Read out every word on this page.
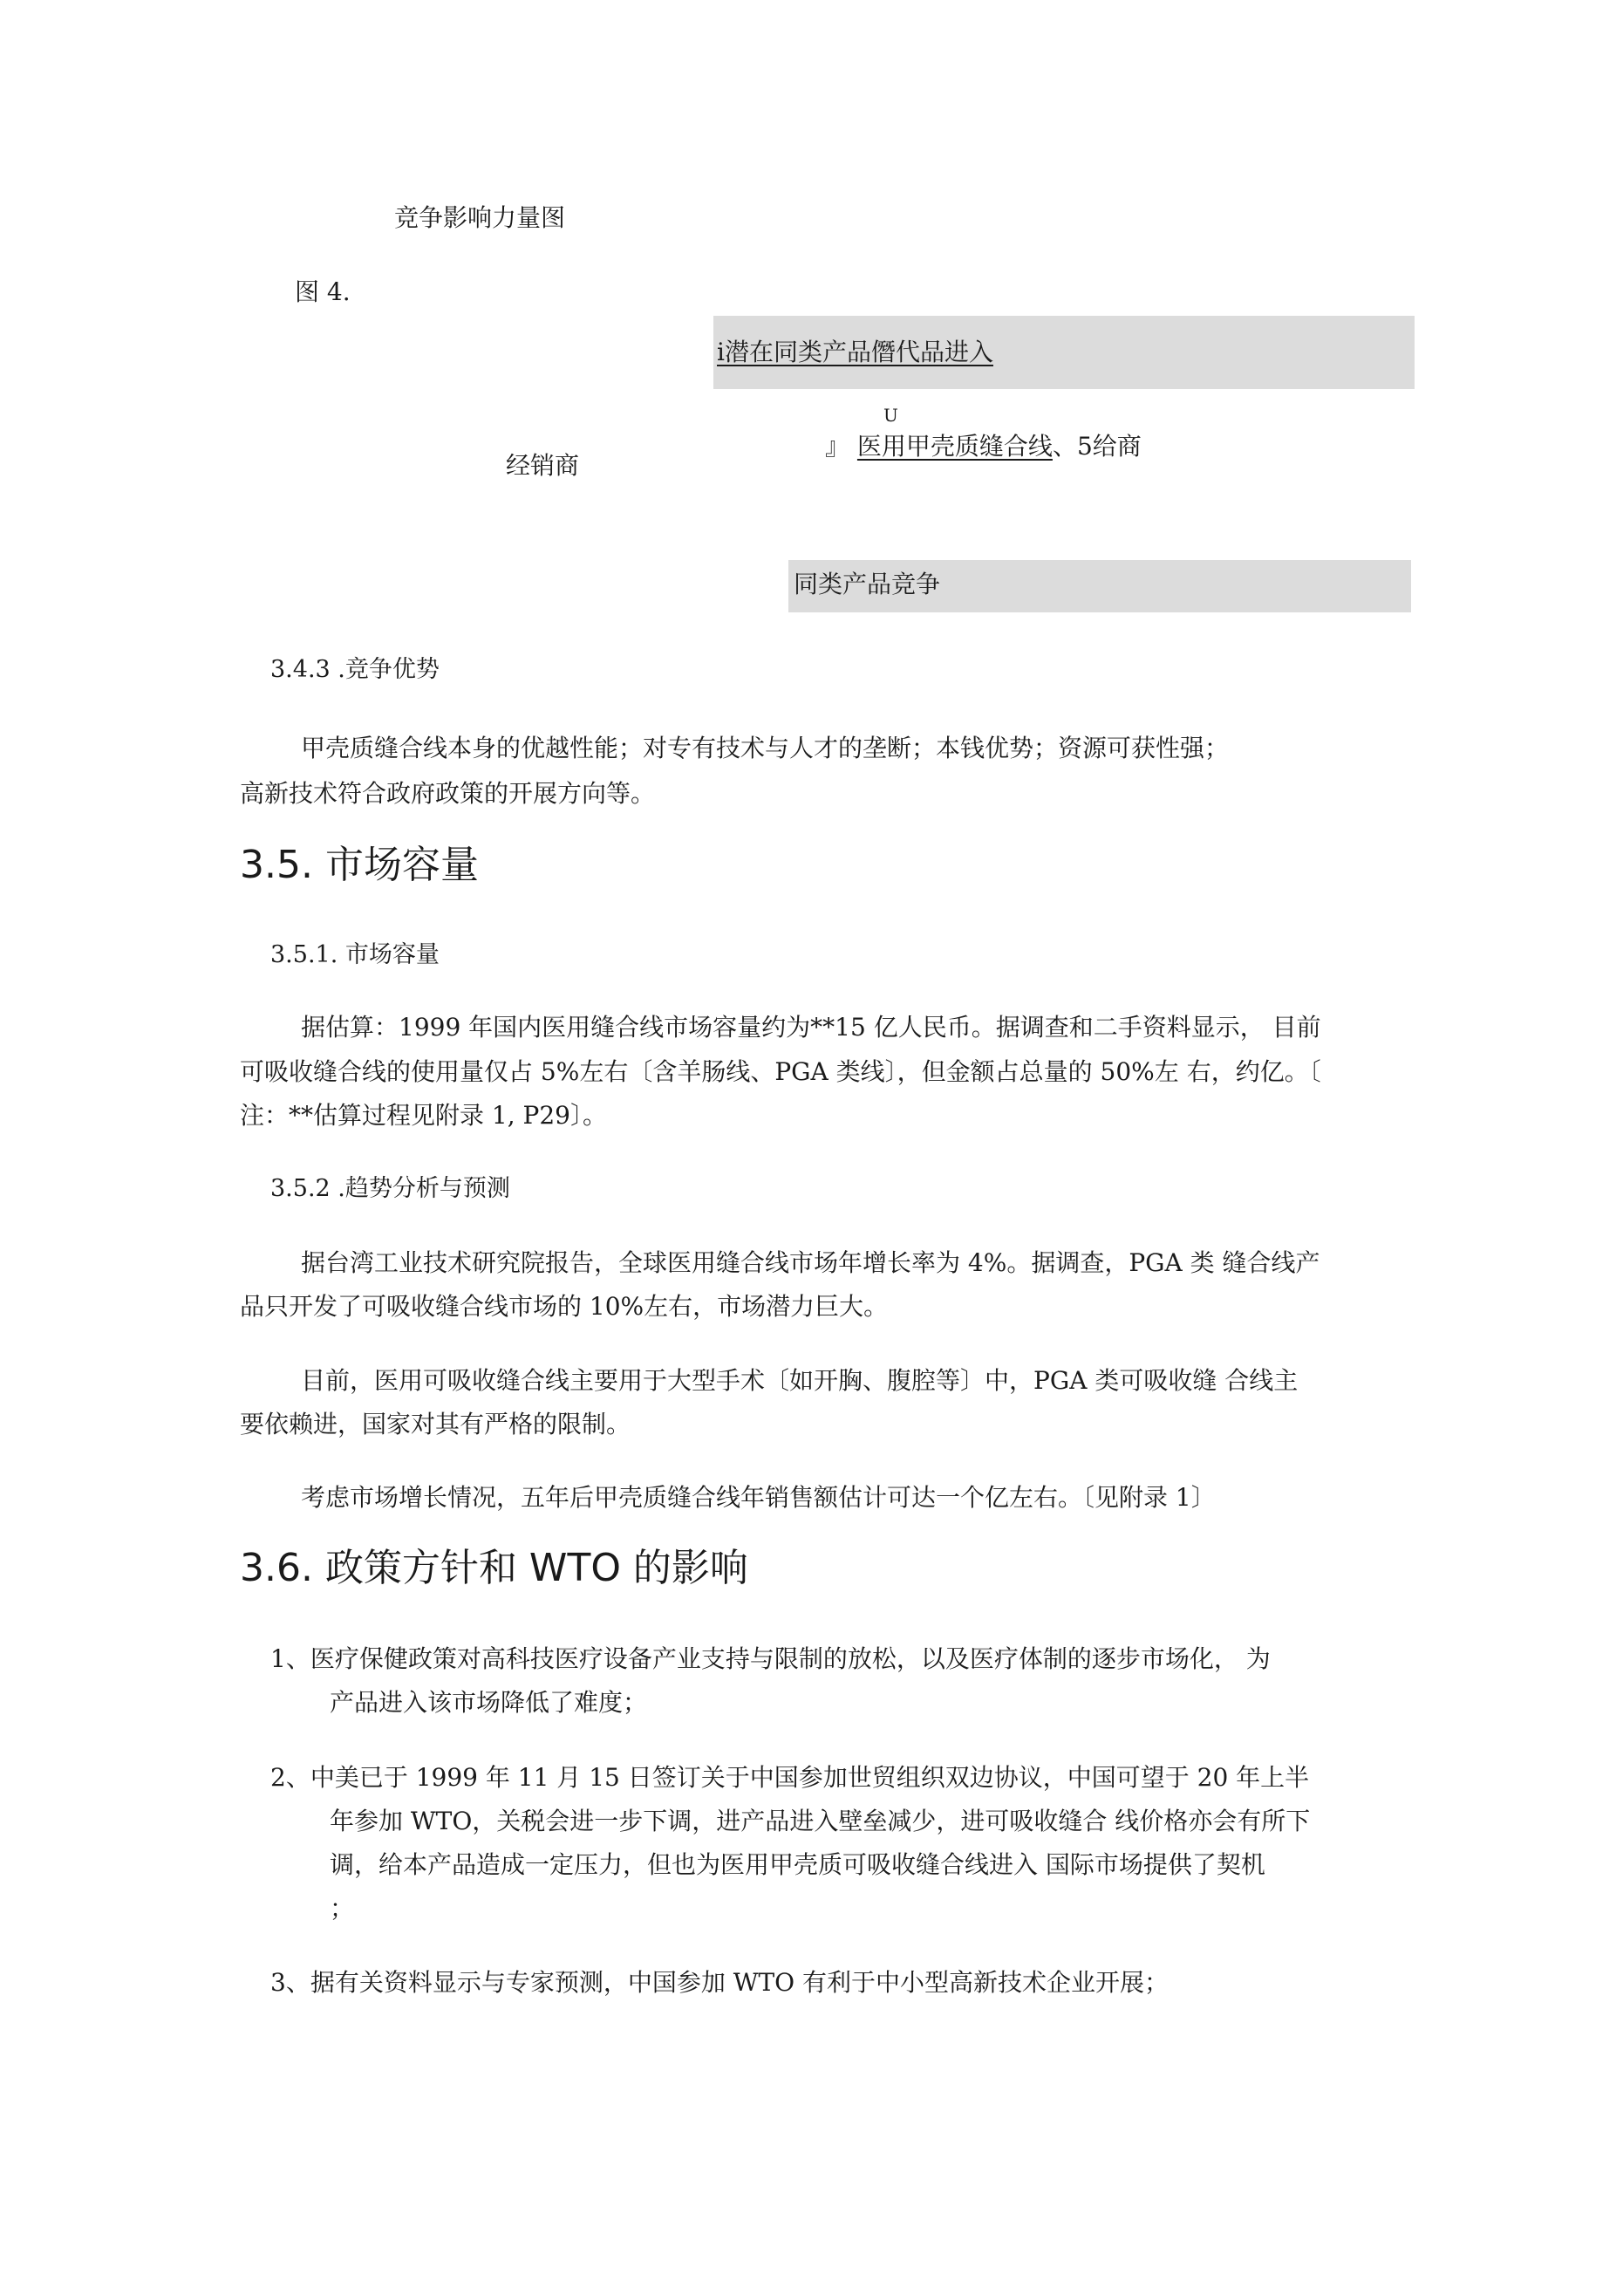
竞争影响力量图
图 4.
i潜在同类产品僭代品进入
U
经销商
』 医用甲壳质缝合线、5给商
同类产品竞争
3.4.3 .竞争优势
甲壳质缝合线本身的优越性能；对专有技术与人才的垄断；本钱优势；资源可获性强；
高新技术符合政府政策的开展方向等。
3.5. 市场容量
3.5.1. 市场容量
据估算：1999 年国内医用缝合线市场容量约为**15 亿人民币。据调查和二手资料显示， 目前
可吸收缝合线的使用量仅占 5%左右〔含羊肠线、PGA 类线〕，但金额占总量的 50%左 右，约亿。〔
注：**估算过程见附录 1, P29〕。
3.5.2 .趋势分析与预测
据台湾工业技术研究院报告，全球医用缝合线市场年增长率为 4%。据调查，PGA 类 缝合线产
品只开发了可吸收缝合线市场的 10%左右，市场潜力巨大。
目前，医用可吸收缝合线主要用于大型手术〔如开胸、腹腔等〕中，PGA 类可吸收缝 合线主
要依赖进，国家对其有严格的限制。
考虑市场增长情况，五年后甲壳质缝合线年销售额估计可达一个亿左右。〔见附录 1〕
3.6. 政策方针和 WTO 的影响
1、医疗保健政策对高科技医疗设备产业支持与限制的放松，以及医疗体制的逐步市场化， 为
产品进入该市场降低了难度；
2、中美已于 1999 年 11 月 15 日签订关于中国参加世贸组织双边协议，中国可望于 20 年上半
年参加 WTO，关税会进一步下调，进产品进入壁垒减少，进可吸收缝合 线价格亦会有所下
调，给本产品造成一定压力，但也为医用甲壳质可吸收缝合线进入 国际市场提供了契机
；
3、据有关资料显示与专家预测，中国参加 WTO 有利于中小型高新技术企业开展；
